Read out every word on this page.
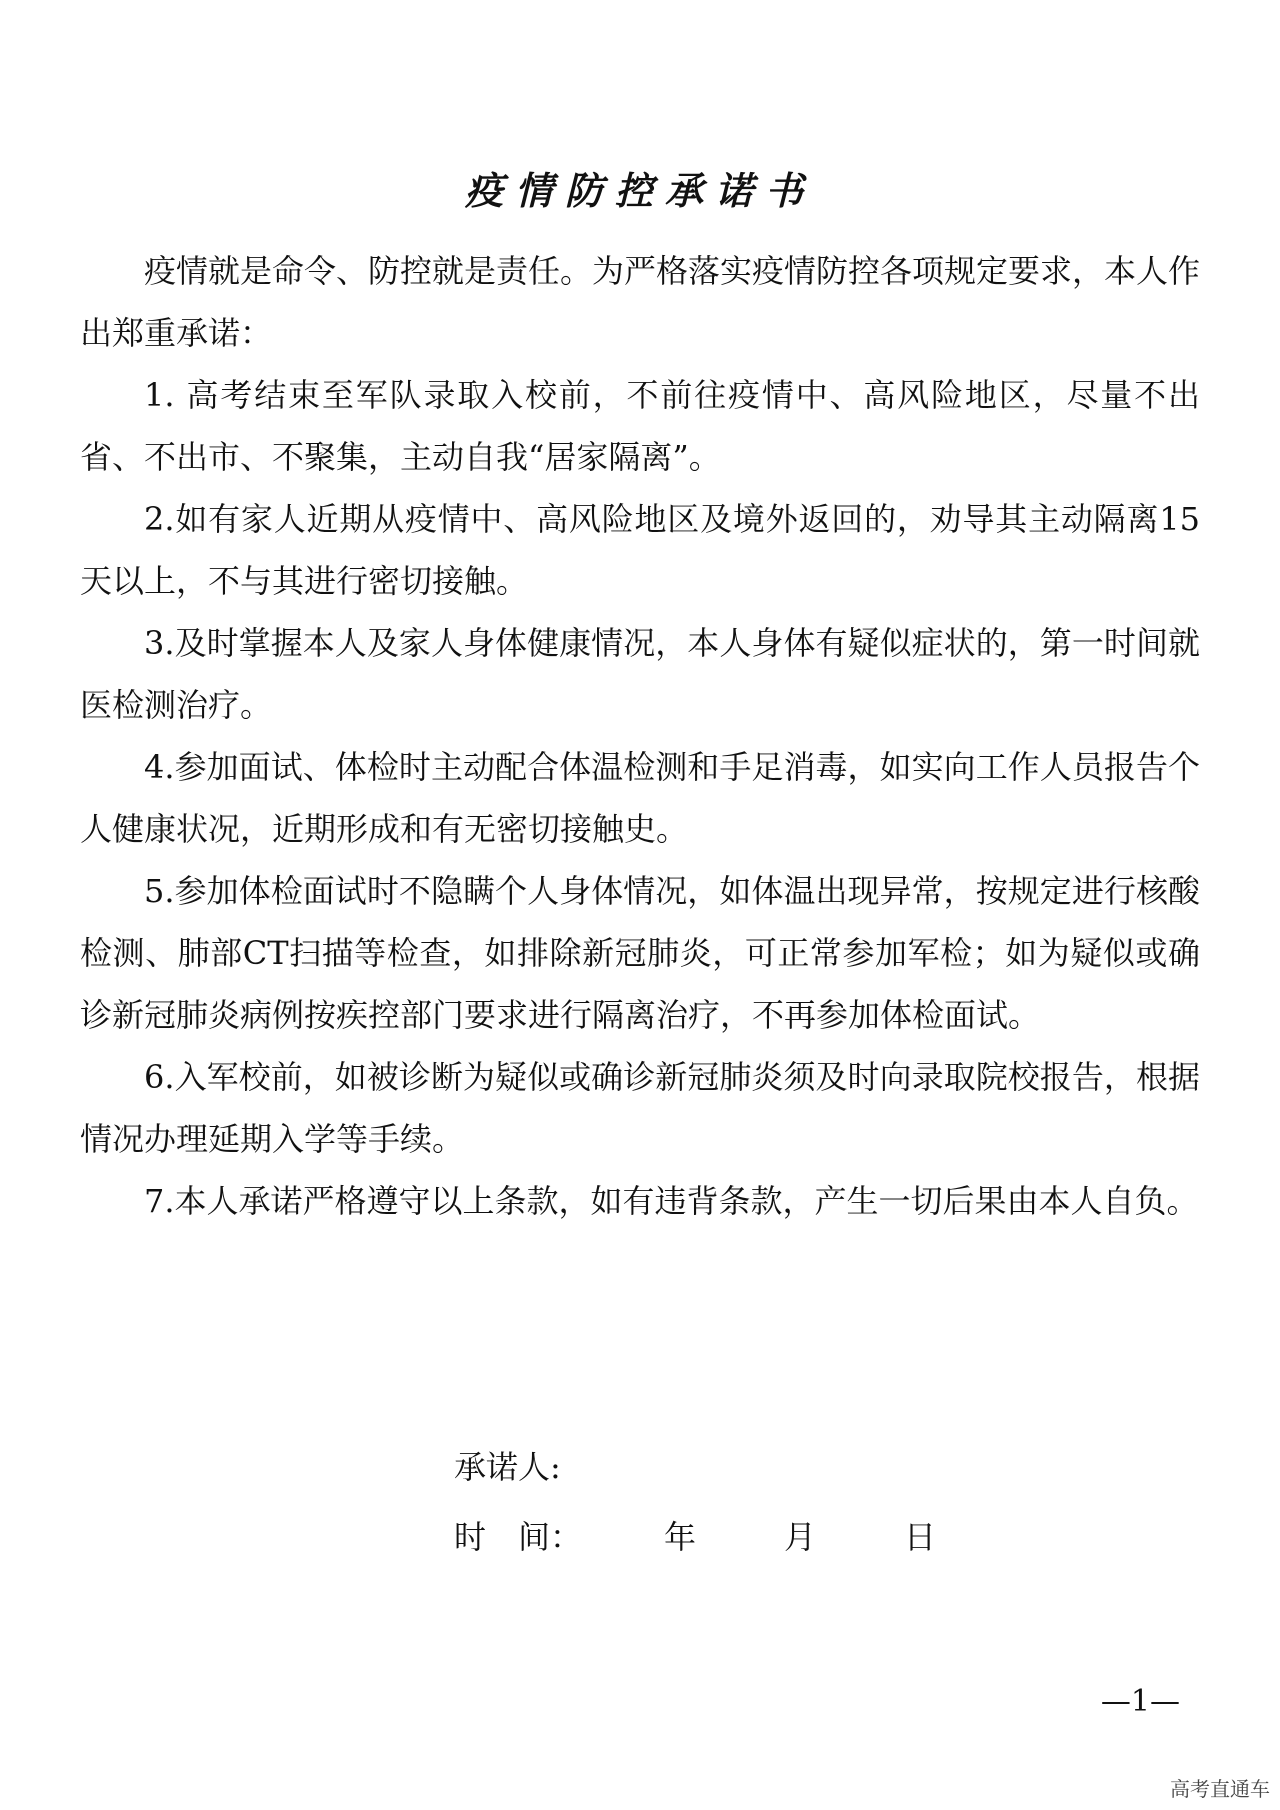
疫情防控承诺书

疫情就是命令、防控就是责任。为严格落实疫情防控各项规定要求，本人作出郑重承诺：

1. 高考结束至军队录取入校前，不前往疫情中、高风险地区，尽量不出省、不出市、不聚集，主动自我“居家隔离”。

2.如有家人近期从疫情中、高风险地区及境外返回的，劝导其主动隔离15天以上，不与其进行密切接触。

3.及时掌握本人及家人身体健康情况，本人身体有疑似症状的，第一时间就医检测治疗。

4.参加面试、体检时主动配合体温检测和手足消毒，如实向工作人员报告个人健康状况，近期形成和有无密切接触史。

5.参加体检面试时不隐瞒个人身体情况，如体温出现异常，按规定进行核酸检测、肺部CT扫描等检查，如排除新冠肺炎，可正常参加军检；如为疑似或确诊新冠肺炎病例按疾控部门要求进行隔离治疗，不再参加体检面试。

6.入军校前，如被诊断为疑似或确诊新冠肺炎须及时向录取院校报告，根据情况办理延期入学等手续。

7.本人承诺严格遵守以上条款，如有违背条款，产生一切后果由本人自负。

承诺人:
时　间：	年	月	日
—1—
高考直通车
